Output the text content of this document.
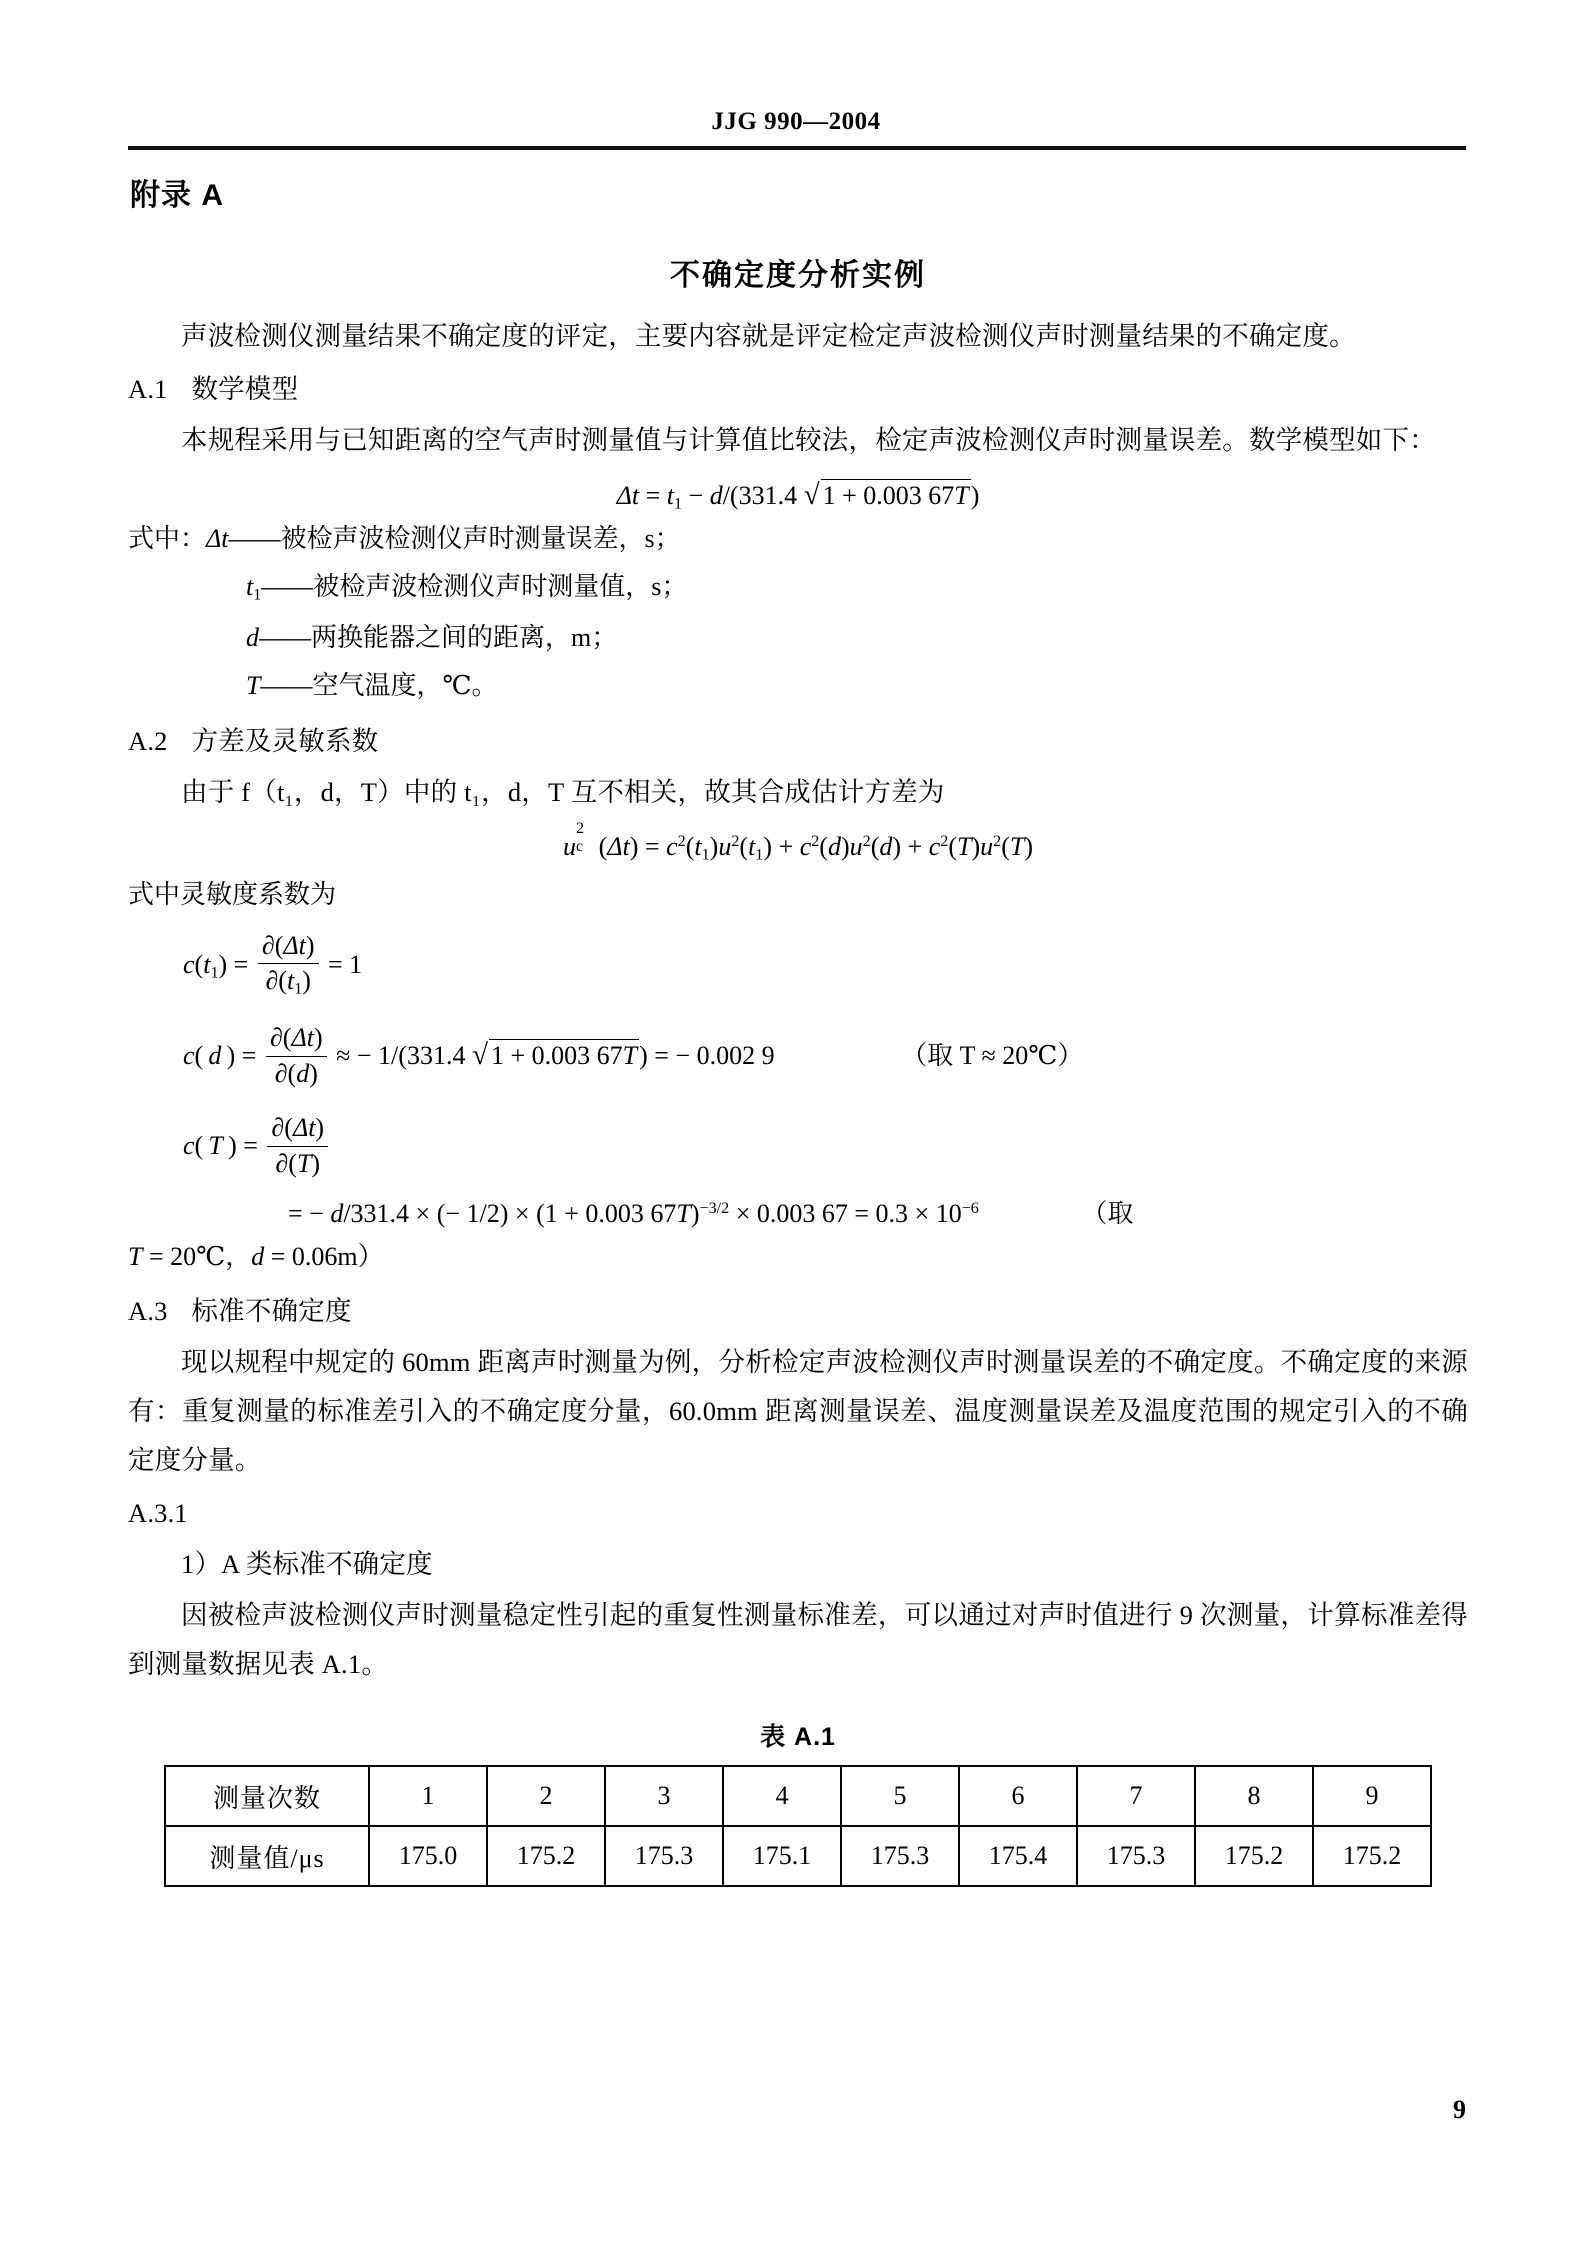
JJG 990—2004
附录 A
不确定度分析实例

声波检测仪测量结果不确定度的评定，主要内容就是评定检定声波检测仪声时测量结果的不确定度。

A.1 数学模型

本规程采用与已知距离的空气声时测量值与计算值比较法，检定声波检测仪声时测量误差。数学模型如下：

$\Delta t = t_1 - d/(331.4$ √ 1 + 0.003 67T)
式中：Δt——被检声波检测仪声时测量误差，s；
$t_1——$被检声波检测仪声时测量值，s；
d——两换能器之间的距离，m；
T——空气温度，℃。
A.2 方差及灵敏系数

由于 f（t₁，d，T）中的 t₁，d，T 互不相关，故其合成估计方差为

u
2
c $(\Delta t) = c^2(t_1)u^2(t_1) + c^2(d)u^2(d) + c^2(T)u^2(T)$
式中灵敏度系数为
$c(t_1) = \frac{\partial(\Delta t)}{\partial(t_1)} = 1$
c( d ) = $\frac{\partial(\Delta t)}{\partial(d)}$ ≈ − 1/(331.4 √ 1 + 0.003 67T) = − 0.002 9	（取 T ≈ 20℃）
c( T ) = $\frac{\partial(\Delta t)}{\partial(T)}$
= − d/331.4 × (− 1/2) × (1 + 0.003 67T)$^{-3/2}$ × 0.003 $67 = 0.3 \times 10^{-6}$	（取
T = 20℃，d = 0.06m）
A.3 标准不确定度

现以规程中规定的 60mm 距离声时测量为例，分析检定声波检测仪声时测量误差的不确定度。不确定度的来源有：重复测量的标准差引入的不确定度分量，60.0mm 距离测量误差、温度测量误差及温度范围的规定引入的不确定度分量。

A.3.1

1）A 类标准不确定度

因被检声波检测仪声时测量稳定性引起的重复性测量标准差，可以通过对声时值进行 9 次测量，计算标准差得到测量数据见表 A.1。

表 A.1
测量次数	1	2	3	4	5	6	7	8	9
测量值/μs	175.0	175.2	175.3	175.1	175.3	175.4	175.3	175.2	175.2
9
